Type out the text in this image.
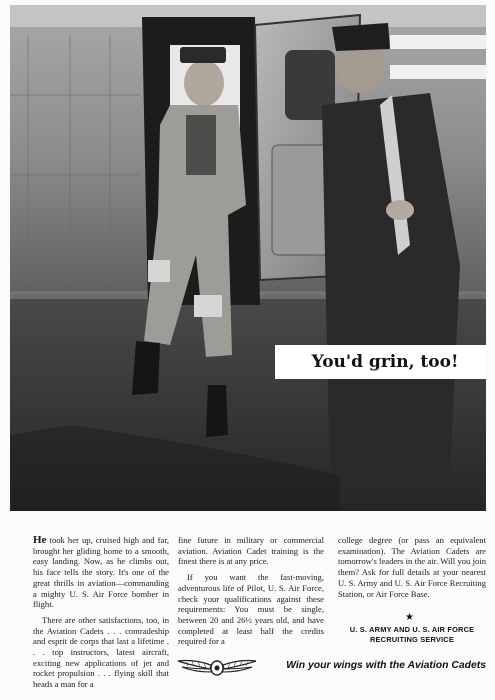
You'd grin, too!

He took her up, cruised high and far, brought her gliding home to a smooth, easy landing. Now, as he climbs out, his face tells the story. It's one of the great thrills in aviation—commanding a mighty U. S. Air Force bomber in flight.

There are other satisfactions, too, in the Aviation Cadets . . . comradeship and esprit de corps that last a lifetime . . . top instructors, latest aircraft, exciting new applications of jet and rocket propulsion . . . flying skill that heads a man for a

fine future in military or commercial aviation. Aviation Cadet training is the finest there is at any price.

If you want the fast-moving, adventurous life of Pilot, U. S. Air Force, check your qualifications against these requirements: You must be single, between 20 and 26½ years old, and have completed at least half the credits required for a

college degree (or pass an equivalent examination). The Aviation Cadets are tomorrow's leaders in the air. Will you join them? Ask for full details at your nearest U. S. Army and U. S. Air Force Recruiting Station, or Air Force Base.

★
U. S. ARMY AND U. S. AIR FORCE
RECRUITING SERVICE
Win your wings with the Aviation Cadets
